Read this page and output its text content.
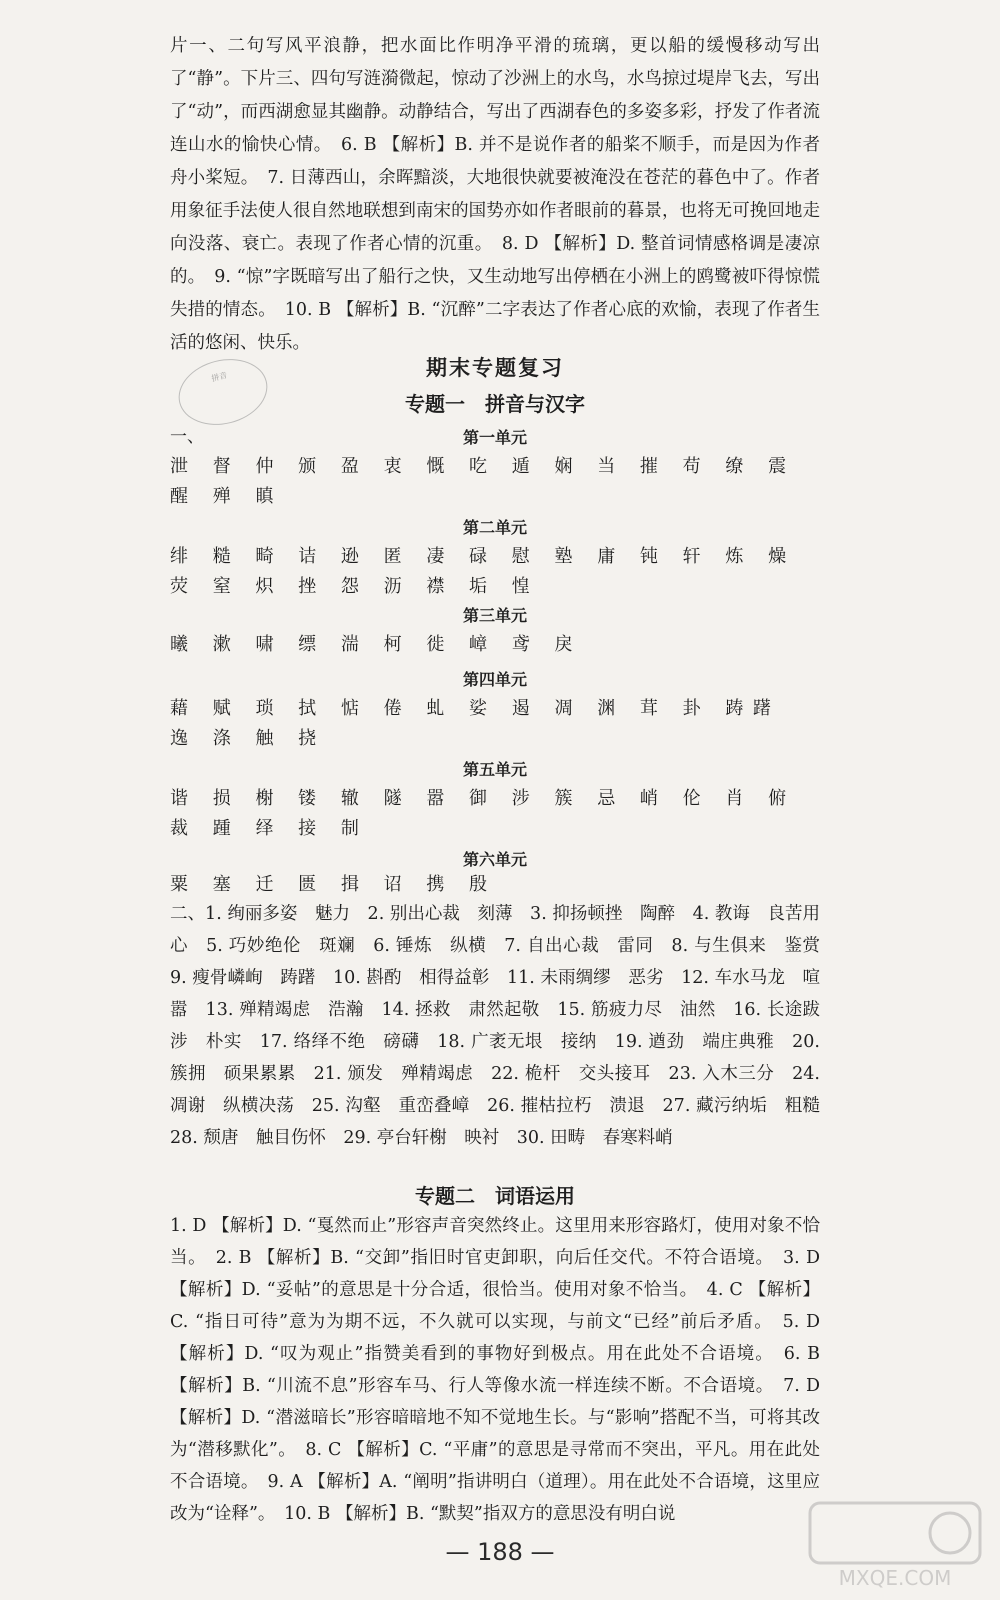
片一、二句写风平浪静，把水面比作明净平滑的琉璃，更以船的缓慢移动写出了“静”。下片三、四句写涟漪微起，惊动了沙洲上的水鸟，水鸟掠过堤岸飞去，写出了“动”，而西湖愈显其幽静。动静结合，写出了西湖春色的多姿多彩，抒发了作者流连山水的愉快心情。　6. B 【解析】B. 并不是说作者的船桨不顺手，而是因为作者舟小桨短。　7. 日薄西山，余晖黯淡，大地很快就要被淹没在苍茫的暮色中了。作者用象征手法使人很自然地联想到南宋的国势亦如作者眼前的暮景，也将无可挽回地走向没落、衰亡。表现了作者心情的沉重。　8. D 【解析】D. 整首词情感格调是凄凉的。　9. “惊”字既暗写出了船行之快，又生动地写出停栖在小洲上的鸥鹭被吓得惊慌失措的情态。　10. B 【解析】B. “沉醉”二字表达了作者心底的欢愉，表现了作者生活的悠闲、快乐。

拼音	期末专题复习
专题一　拼音与汉字
一、	第一单元

泄 督 仲 颁 盈 衷 慨 吃 遁 娴 当 摧 苟 缭 震 醒 殚 瞋

第二单元

绯 糙 畸 诘 逊 匿 凄 碌 慰 塾 庸 钝 轩 炼 燥 荧 窒 炽 挫 怨 沥 襟 垢 惶

第三单元

曦 漱 啸 缥 湍 柯 徙 嶂 鸢 戾

第四单元

藉 赋 琐 拭 惦 倦 虬 娑 遏 凋 渊 茸 卦 踌躇 逸 涤 触 挠

第五单元

谐 损 榭 镂 辙 隧 嚣 御 涉 簇 忌 峭 伦 肖 俯 裁 踵 绎 接 制

第六单元

粟 塞 迁 匮 揖 诏 携 殷

二、1. 绚丽多姿　魅力　2. 别出心裁　刻薄　3. 抑扬顿挫　陶醉　4. 教诲　良苦用心　5. 巧妙绝伦　斑斓　6. 锤炼　纵横　7. 自出心裁　雷同　8. 与生俱来　鉴赏　9. 瘦骨嶙峋　踌躇　10. 斟酌　相得益彰　11. 未雨绸缪　恶劣　12. 车水马龙　喧嚣　13. 殚精竭虑　浩瀚　14. 拯救　肃然起敬　15. 筋疲力尽　油然　16. 长途跋涉　朴实　17. 络绎不绝　磅礴　18. 广袤无垠　接纳　19. 遒劲　端庄典雅　20. 簇拥　硕果累累　21. 颁发　殚精竭虑　22. 桅杆　交头接耳　23. 入木三分　24. 凋谢　纵横决荡　25. 沟壑　重峦叠嶂　26. 摧枯拉朽　溃退　27. 藏污纳垢　粗糙　28. 颓唐　触目伤怀　29. 亭台轩榭　映衬　30. 田畴　春寒料峭

专题二　词语运用

1. D 【解析】D. “戛然而止”形容声音突然终止。这里用来形容路灯，使用对象不恰当。　2. B 【解析】B. “交卸”指旧时官吏卸职，向后任交代。不符合语境。　3. D 【解析】D. “妥帖”的意思是十分合适，很恰当。使用对象不恰当。　4. C 【解析】C. “指日可待”意为为期不远，不久就可以实现，与前文“已经”前后矛盾。　5. D 【解析】D. “叹为观止”指赞美看到的事物好到极点。用在此处不合语境。　6. B 【解析】B. “川流不息”形容车马、行人等像水流一样连续不断。不合语境。　7. D 【解析】D. “潜滋暗长”形容暗暗地不知不觉地生长。与“影响”搭配不当，可将其改为“潜移默化”。　8. C 【解析】C. “平庸”的意思是寻常而不突出，平凡。用在此处不合语境。　9. A 【解析】A. “阐明”指讲明白（道理）。用在此处不合语境，这里应改为“诠释”。　10. B 【解析】B. “默契”指双方的意思没有明白说

— 188 —
MXQE.COM
